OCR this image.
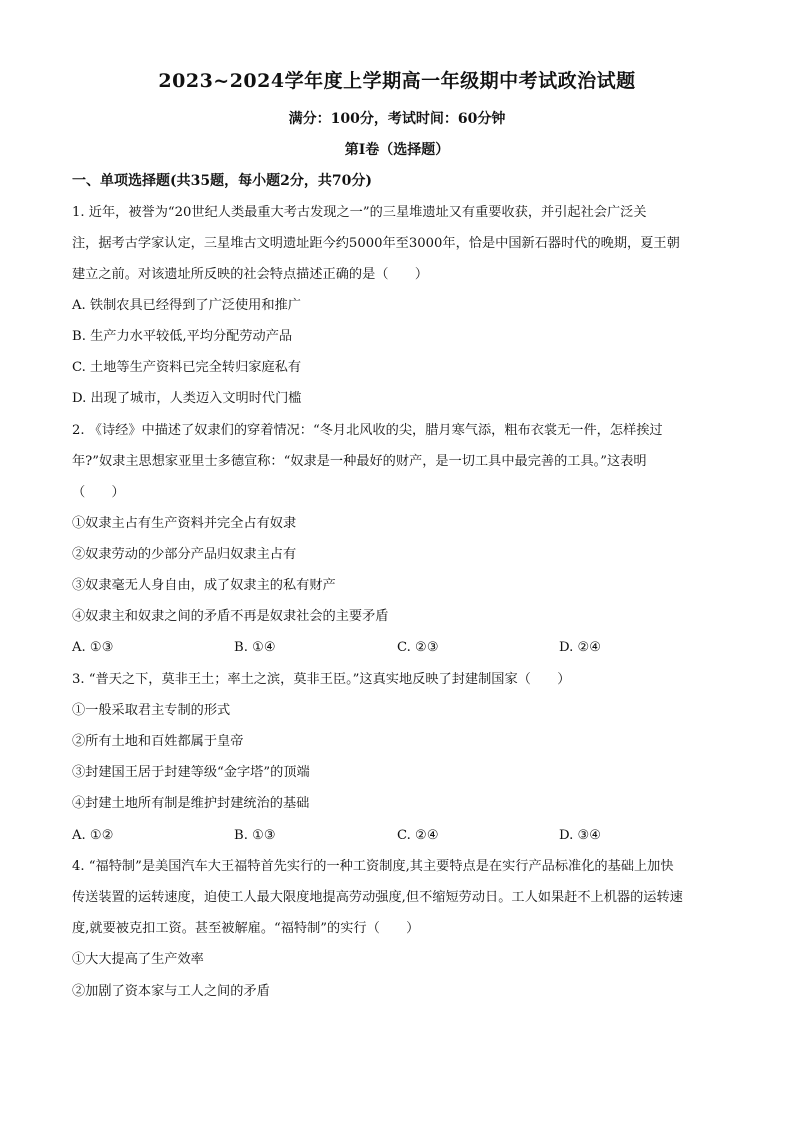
2023~2024学年度上学期高一年级期中考试政治试题
满分：100分，考试时间：60分钟
第Ⅰ卷（选择题）
一、单项选择题(共35题，每小题2分，共70分)
1. 近年，被誉为“20世纪人类最重大考古发现之一”的三星堆遗址又有重要收获，并引起社会广泛关
注，据考古学家认定，三星堆古文明遗址距今约5000年至3000年，恰是中国新石器时代的晚期，夏王朝
建立之前。对该遗址所反映的社会特点描述正确的是（　　）
A. 铁制农具已经得到了广泛使用和推广
B. 生产力水平较低,平均分配劳动产品
C. 土地等生产资料已完全转归家庭私有
D. 出现了城市，人类迈入文明时代门槛
2. 《诗经》中描述了奴隶们的穿着情况：“冬月北风收的尖，腊月寒气添，粗布衣裳无一件，怎样挨过
年?”奴隶主思想家亚里士多德宣称：“奴隶是一种最好的财产，是一切工具中最完善的工具。”这表明
（　　）
①奴隶主占有生产资料并完全占有奴隶
②奴隶劳动的少部分产品归奴隶主占有
③奴隶毫无人身自由，成了奴隶主的私有财产
④奴隶主和奴隶之间的矛盾不再是奴隶社会的主要矛盾
A. ①③	B. ①④	C. ②③	D. ②④
3. “普天之下，莫非王土；率土之滨，莫非王臣。”这真实地反映了封建制国家（　　）
①一般采取君主专制的形式
②所有土地和百姓都属于皇帝
③封建国王居于封建等级“金字塔”的顶端
④封建土地所有制是维护封建统治的基础
A. ①②	B. ①③	C. ②④	D. ③④
4. “福特制”是美国汽车大王福特首先实行的一种工资制度,其主要特点是在实行产品标准化的基础上加快
传送装置的运转速度，迫使工人最大限度地提高劳动强度,但不缩短劳动日。工人如果赶不上机器的运转速
度,就要被克扣工资。甚至被解雇。“福特制”的实行（　　）
①大大提高了生产效率
②加剧了资本家与工人之间的矛盾
